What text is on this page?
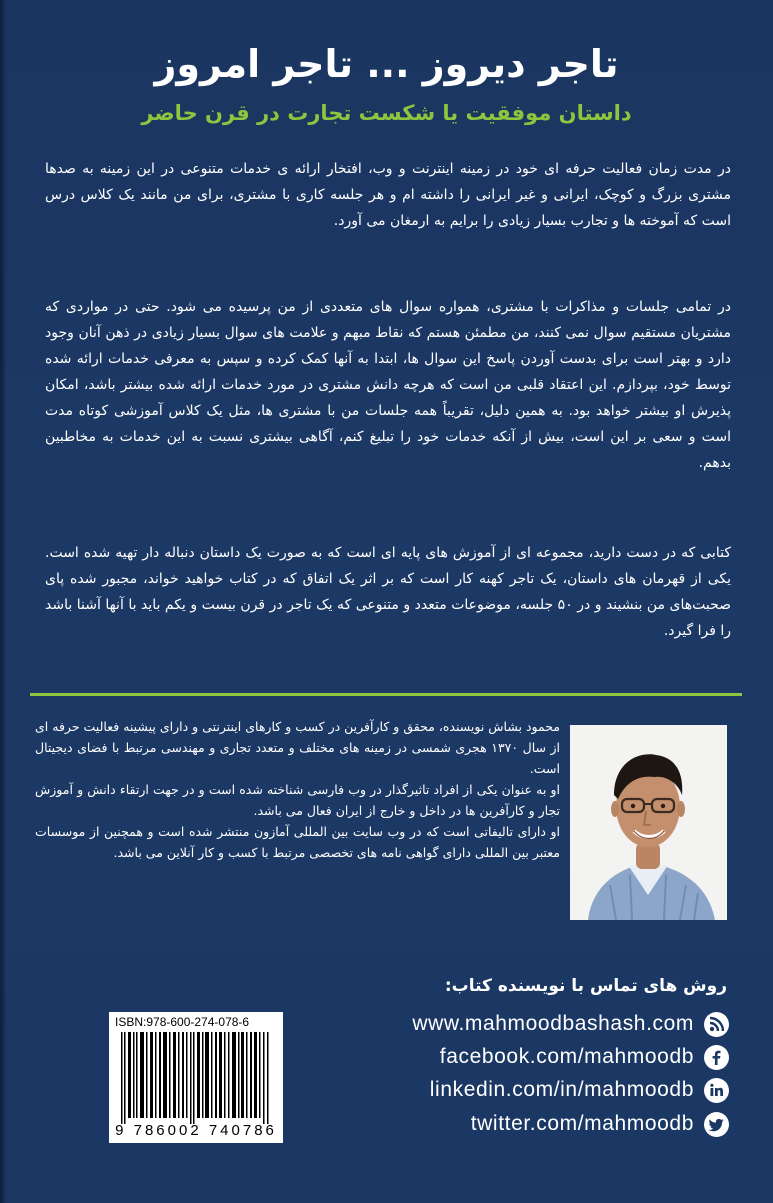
تاجر دیروز ... تاجر امروز
داستان موفقیت یا شکست تجارت در قرن حاضر
در مدت زمان فعالیت حرفه ای خود در زمینه اینترنت و وب، افتخار ارائه ی خدمات متنوعی در این زمینه به صدها مشتری بزرگ و کوچک، ایرانی و غیر ایرانی را داشته ام و هر جلسه کاری با مشتری، برای من مانند یک کلاس درس است که آموخته ها و تجارب بسیار زیادی را برایم به ارمغان می آورد.
در تمامی جلسات و مذاکرات با مشتری، همواره سوال های متعددی از من پرسیده می شود. حتی در مواردی که مشتریان مستقیم سوال نمی کنند، من مطمئن هستم که نقاط مبهم و علامت های سوال بسیار زیادی در ذهن آنان وجود دارد و بهتر است برای بدست آوردن پاسخ این سوال ها، ابتدا به آنها کمک کرده و سپس به معرفی خدمات ارائه شده توسط خود، بپردازم. این اعتقاد قلبی من است که هرچه دانش مشتری در مورد خدمات ارائه شده بیشتر باشد، امکان پذیرش او بیشتر خواهد بود. به همین دلیل، تقریباً همه جلسات من با مشتری ها، مثل یک کلاس آموزشی کوتاه مدت است و سعی بر این است، بیش از آنکه خدمات خود را تبلیغ کنم، آگاهی بیشتری نسبت به این خدمات به مخاطبین بدهم.
کتابی که در دست دارید، مجموعه ای از آموزش های پایه ای است که به صورت یک داستان دنباله دار تهیه شده است. یکی از قهرمان های داستان، یک تاجر کهنه کار است که بر اثر یک اتفاق که در کتاب خواهید خواند، مجبور شده پای صحبت‌های من بنشیند و در ۵۰ جلسه، موضوعات متعدد و متنوعی که یک تاجر در قرن بیست و یکم باید با آنها آشنا باشد را فرا گیرد.

محمود بشاش نویسنده، محقق و کارآفرین در کسب و کارهای اینترنتی و دارای پیشینه فعالیت حرفه ای از سال ۱۳۷۰ هجری شمسی در زمینه های مختلف و متعدد تجاری و مهندسی مرتبط با فضای دیجیتال است.

او به عنوان یکی از افراد تاثیرگذار در وب فارسی شناخته شده است و در جهت ارتقاء دانش و آموزش تجار و کارآفرین ها در داخل و خارج از ایران فعال می باشد.

او دارای تالیفاتی است که در وب سایت بین المللی آمازون منتشر شده است و همچنین از موسسات معتبر بین المللی دارای گواهی نامه های تخصصی مرتبط با کسب و کار آنلاین می باشد.

روش های تماس با نویسنده کتاب:
www.mahmoodbashash.com
facebook.com/mahmoodb
linkedin.com/in/mahmoodb
twitter.com/mahmoodb
ISBN:978-600-274-078-6
9 786002 740786
